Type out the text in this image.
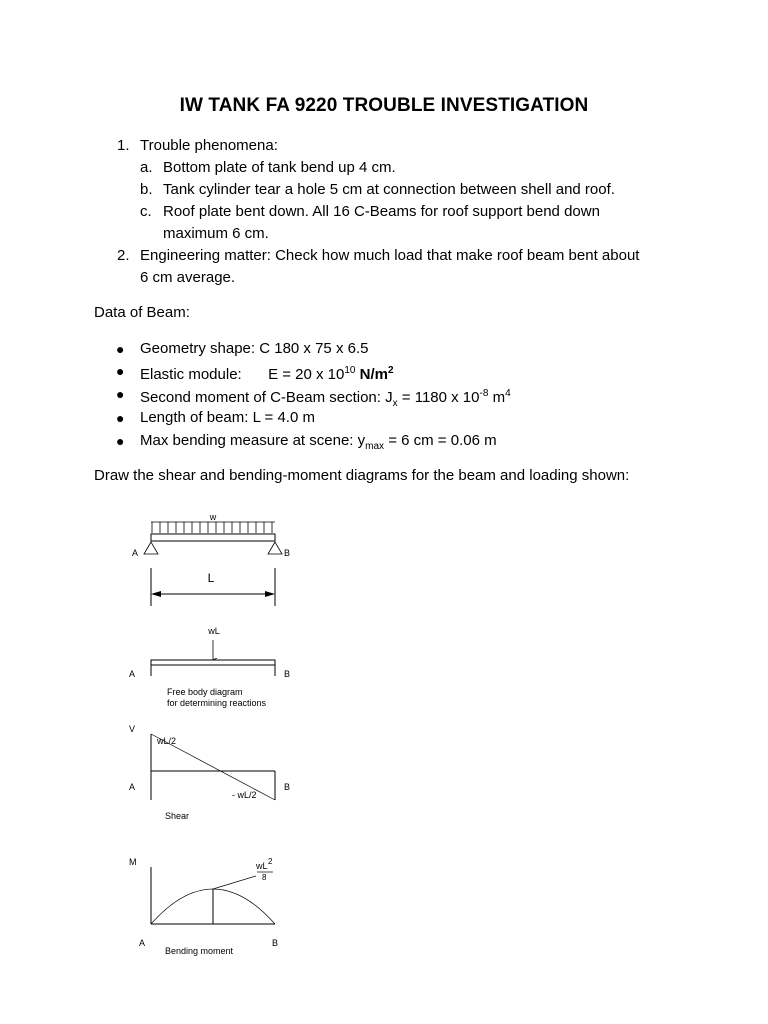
IW TANK FA 9220 TROUBLE INVESTIGATION
1. Trouble phenomena:
a. Bottom plate of tank bend up 4 cm.
b. Tank cylinder tear a hole 5 cm at connection between shell and roof.
c. Roof plate bent down. All 16 C-Beams for roof support bend down
maximum 6 cm.
2. Engineering matter: Check how much load that make roof beam bent about
6 cm average.
Data of Beam:
● Geometry shape: C 180 x 75 x 6.5
● Elastic module: E = 20 x $10^{10}$ $N/m^2$
● Second moment of C-Beam section: $J_x = 1180$ x $10^{-8}$ $m^4$
● Length of beam: L = 4.0 m
● Max bending measure at scene: $y_{max} = 6$ cm = 0.06 m
Draw the shear and bending-moment diagrams for the beam and loading shown:
w
A	B
L
wL
A	B
Free body diagram
for determining reactions
V
wL/2
- wL/2
A	B
Shear
M	wL 2
8
A	B
Bending moment
